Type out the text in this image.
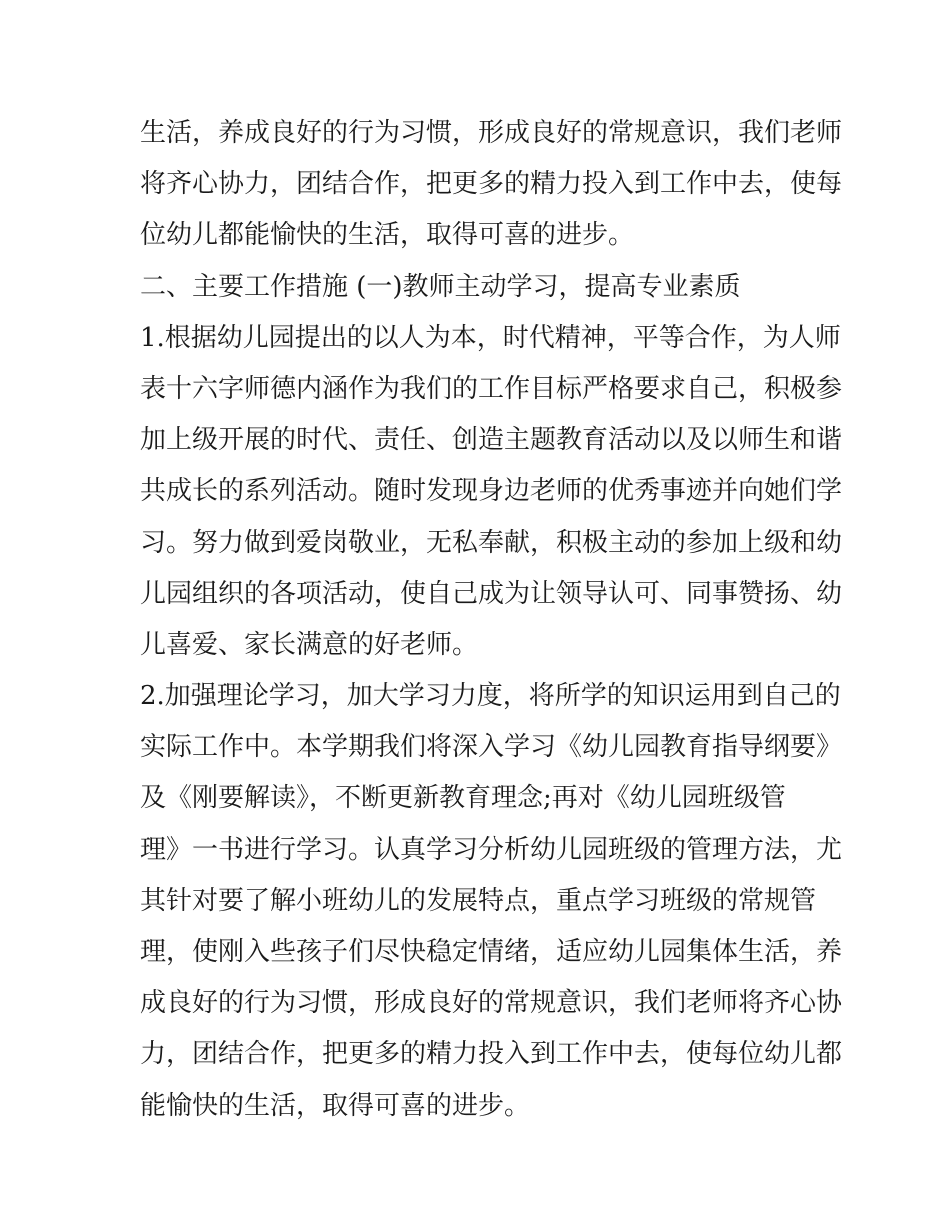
生活，养成良好的行为习惯，形成良好的常规意识，我们老师
将齐心协力，团结合作，把更多的精力投入到工作中去，使每
位幼儿都能愉快的生活，取得可喜的进步。
二、主要工作措施 (一)教师主动学习，提高专业素质
1.根据幼儿园提出的以人为本，时代精神，平等合作，为人师
表十六字师德内涵作为我们的工作目标严格要求自己，积极参
加上级开展的时代、责任、创造主题教育活动以及以师生和谐
共成长的系列活动。随时发现身边老师的优秀事迹并向她们学
习。努力做到爱岗敬业，无私奉献，积极主动的参加上级和幼
儿园组织的各项活动，使自己成为让领导认可、同事赞扬、幼
儿喜爱、家长满意的好老师。
2.加强理论学习，加大学习力度，将所学的知识运用到自己的
实际工作中。本学期我们将深入学习《幼儿园教育指导纲要》
及《刚要解读》，不断更新教育理念;再对《幼儿园班级管
理》一书进行学习。认真学习分析幼儿园班级的管理方法，尤
其针对要了解小班幼儿的发展特点，重点学习班级的常规管
理，使刚入些孩子们尽快稳定情绪，适应幼儿园集体生活，养
成良好的行为习惯，形成良好的常规意识，我们老师将齐心协
力，团结合作，把更多的精力投入到工作中去，使每位幼儿都
能愉快的生活，取得可喜的进步。
